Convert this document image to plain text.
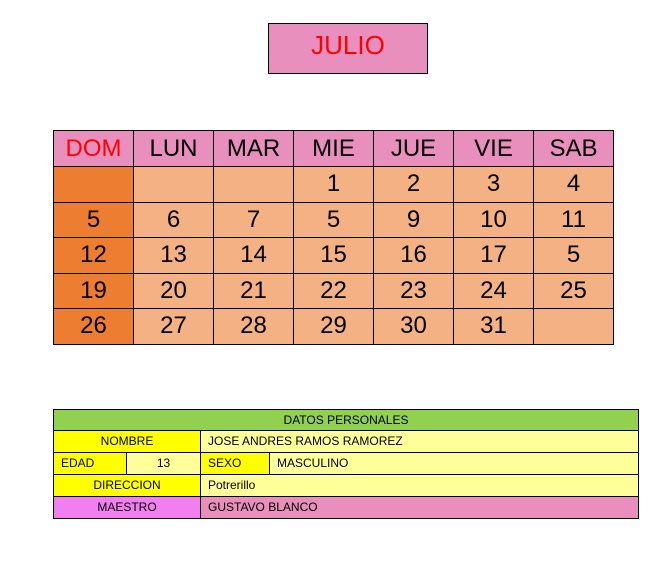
JULIO
DOM	LUN	MAR	MIE	JUE	VIE	SAB
			1	2	3	4
5	6	7	5	9	10	11
12	13	14	15	16	17	5
19	20	21	22	23	24	25
26	27	28	29	30	31	
DATOS PERSONALES
NOMBRE	JOSE ANDRES RAMOS RAMOREZ
EDAD	13	SEXO	MASCULINO
DIRECCION	Potrerillo
MAESTRO	GUSTAVO BLANCO
